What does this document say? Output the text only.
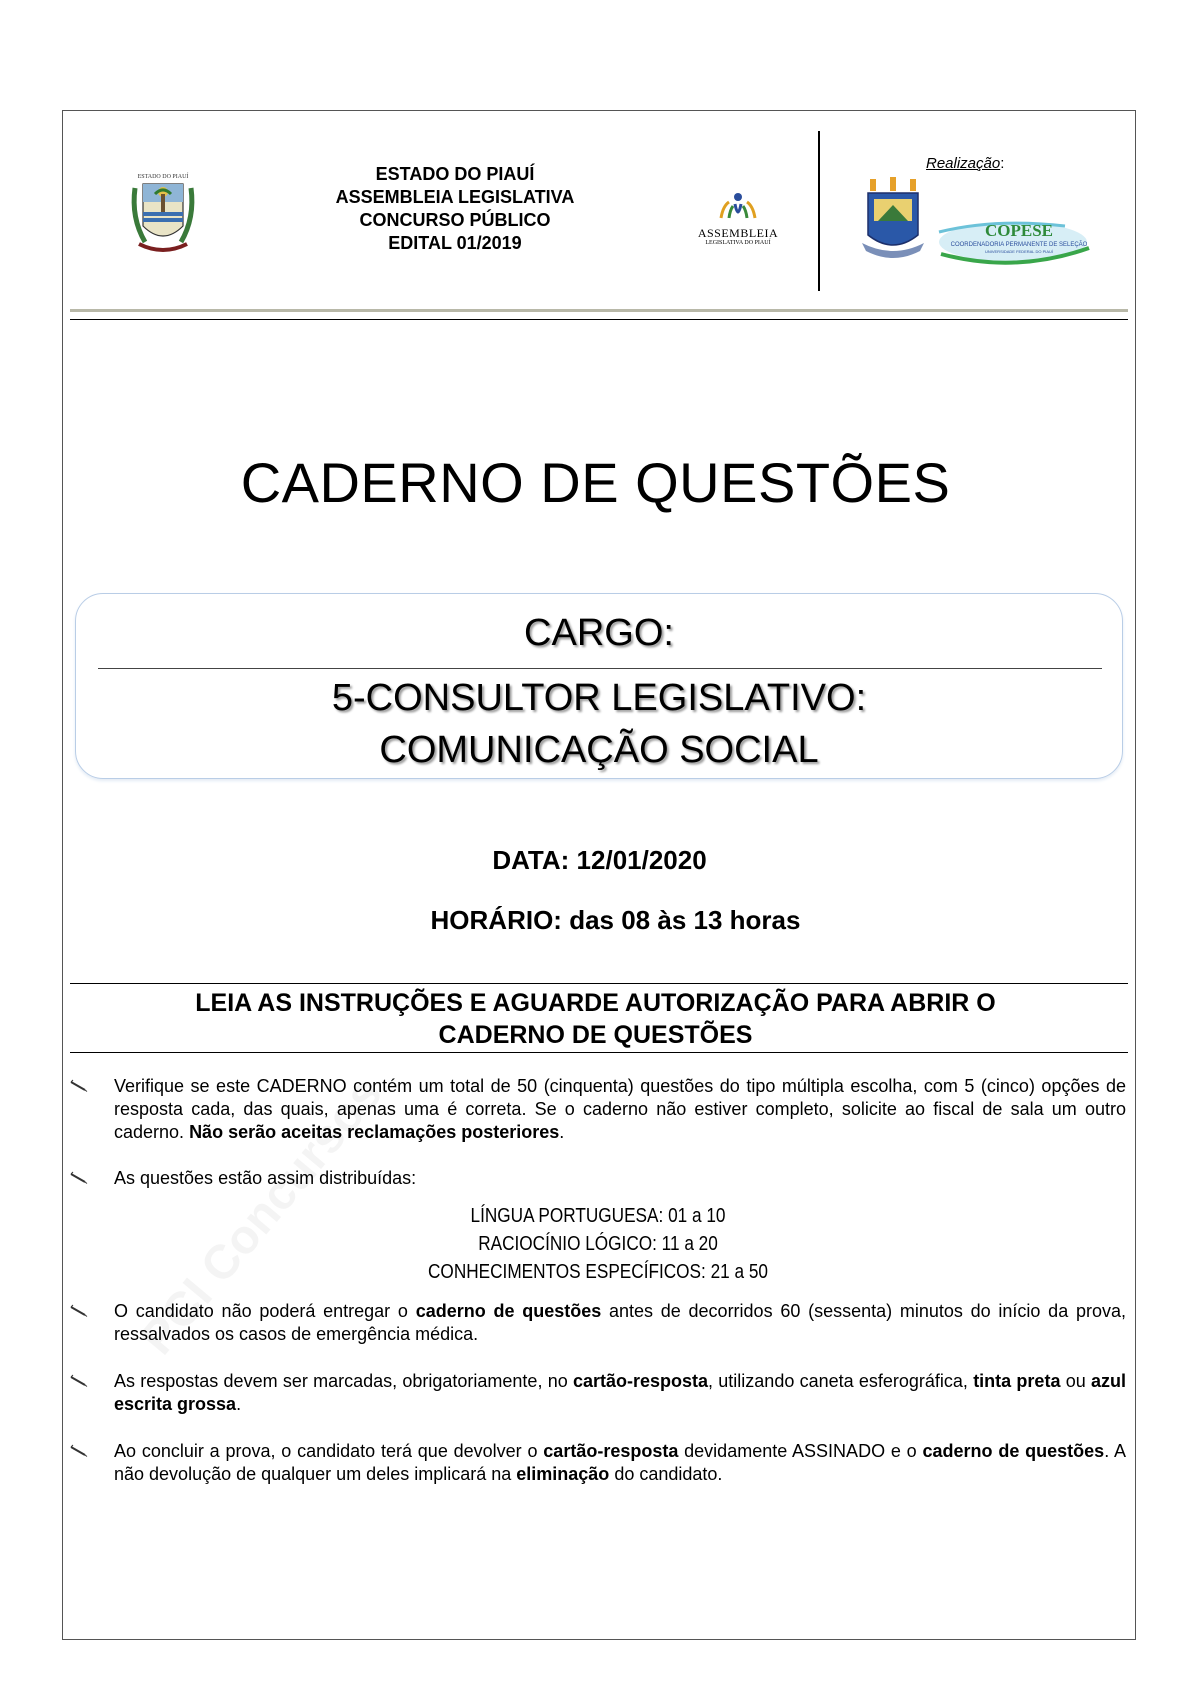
ESTADO DO PIAUÍ	ESTADO DO PIAUÍ
ASSEMBLEIA LEGISLATIVA
CONCURSO PÚBLICO
EDITAL 01/2019	ASSEMBLEIA
LEGISLATIVA DO PIAUÍ
Realização:
COPESE
COORDENADORIA PERMANENTE DE SELEÇÃO
UNIVERSIDADE FEDERAL DO PIAUÍ
CADERNO DE QUESTÕES
CARGO:
5-CONSULTOR LEGISLATIVO:
COMUNICAÇÃO SOCIAL
DATA: 12/01/2020
HORÁRIO: das 08 às 13 horas
LEIA AS INSTRUÇÕES E AGUARDE AUTORIZAÇÃO PARA ABRIR O
CADERNO DE QUESTÕES
Verifique se este CADERNO contém um total de 50 (cinquenta) questões do tipo múltipla escolha, com 5 (cinco) opções de resposta cada, das quais, apenas uma é correta. Se o caderno não estiver completo, solicite ao fiscal de sala um outro caderno. Não serão aceitas reclamações posteriores.
As questões estão assim distribuídas:
LÍNGUA PORTUGUESA: 01 a 10
RACIOCÍNIO LÓGICO: 11 a 20
CONHECIMENTOS ESPECÍFICOS: 21 a 50
O candidato não poderá entregar o caderno de questões antes de decorridos 60 (sessenta) minutos do início da prova, ressalvados os casos de emergência médica.
As respostas devem ser marcadas, obrigatoriamente, no cartão-resposta, utilizando caneta esferográfica, tinta preta ou azul escrita grossa.
Ao concluir a prova, o candidato terá que devolver o cartão-resposta devidamente ASSINADO e o caderno de questões. A não devolução de qualquer um deles implicará na eliminação do candidato.
